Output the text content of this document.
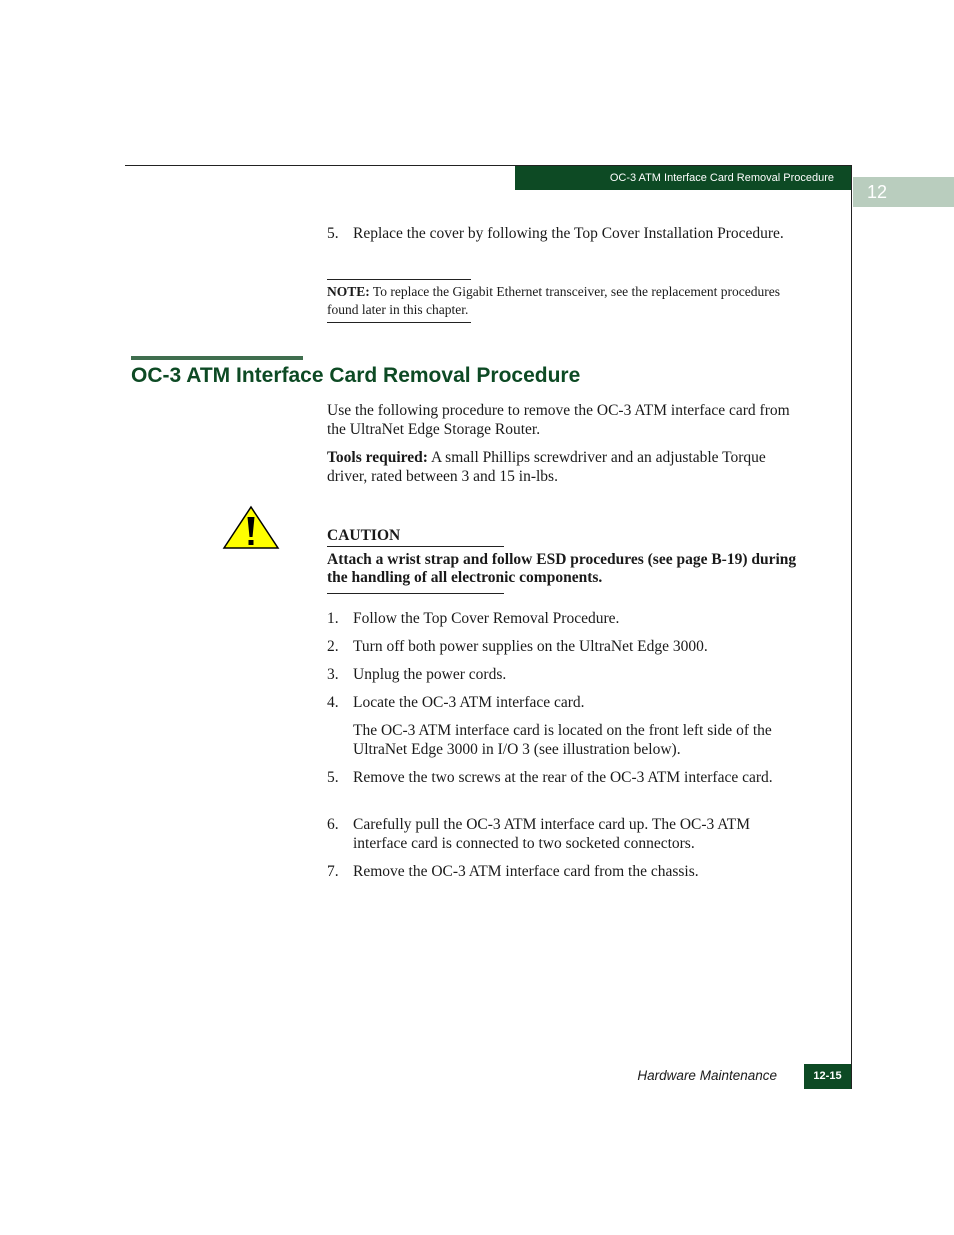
OC-3 ATM Interface Card Removal Procedure
12
5. Replace the cover by following the Top Cover Installation Procedure.
NOTE: To replace the Gigabit Ethernet transceiver, see the replacement procedures found later in this chapter.
OC-3 ATM Interface Card Removal Procedure
Use the following procedure to remove the OC-3 ATM interface card from the UltraNet Edge Storage Router.
Tools required: A small Phillips screwdriver and an adjustable Torque driver, rated between 3 and 15 in-lbs.
CAUTION
Attach a wrist strap and follow ESD procedures (see page B-19) during the handling of all electronic components.
1. Follow the Top Cover Removal Procedure.
2. Turn off both power supplies on the UltraNet Edge 3000.
3. Unplug the power cords.
4. Locate the OC-3 ATM interface card.
The OC-3 ATM interface card is located on the front left side of the UltraNet Edge 3000 in I/O 3 (see illustration below).
5. Remove the two screws at the rear of the OC-3 ATM interface card.
6. Carefully pull the OC-3 ATM interface card up. The OC-3 ATM interface card is connected to two socketed connectors.
7. Remove the OC-3 ATM interface card from the chassis.
Hardware Maintenance	12-15
